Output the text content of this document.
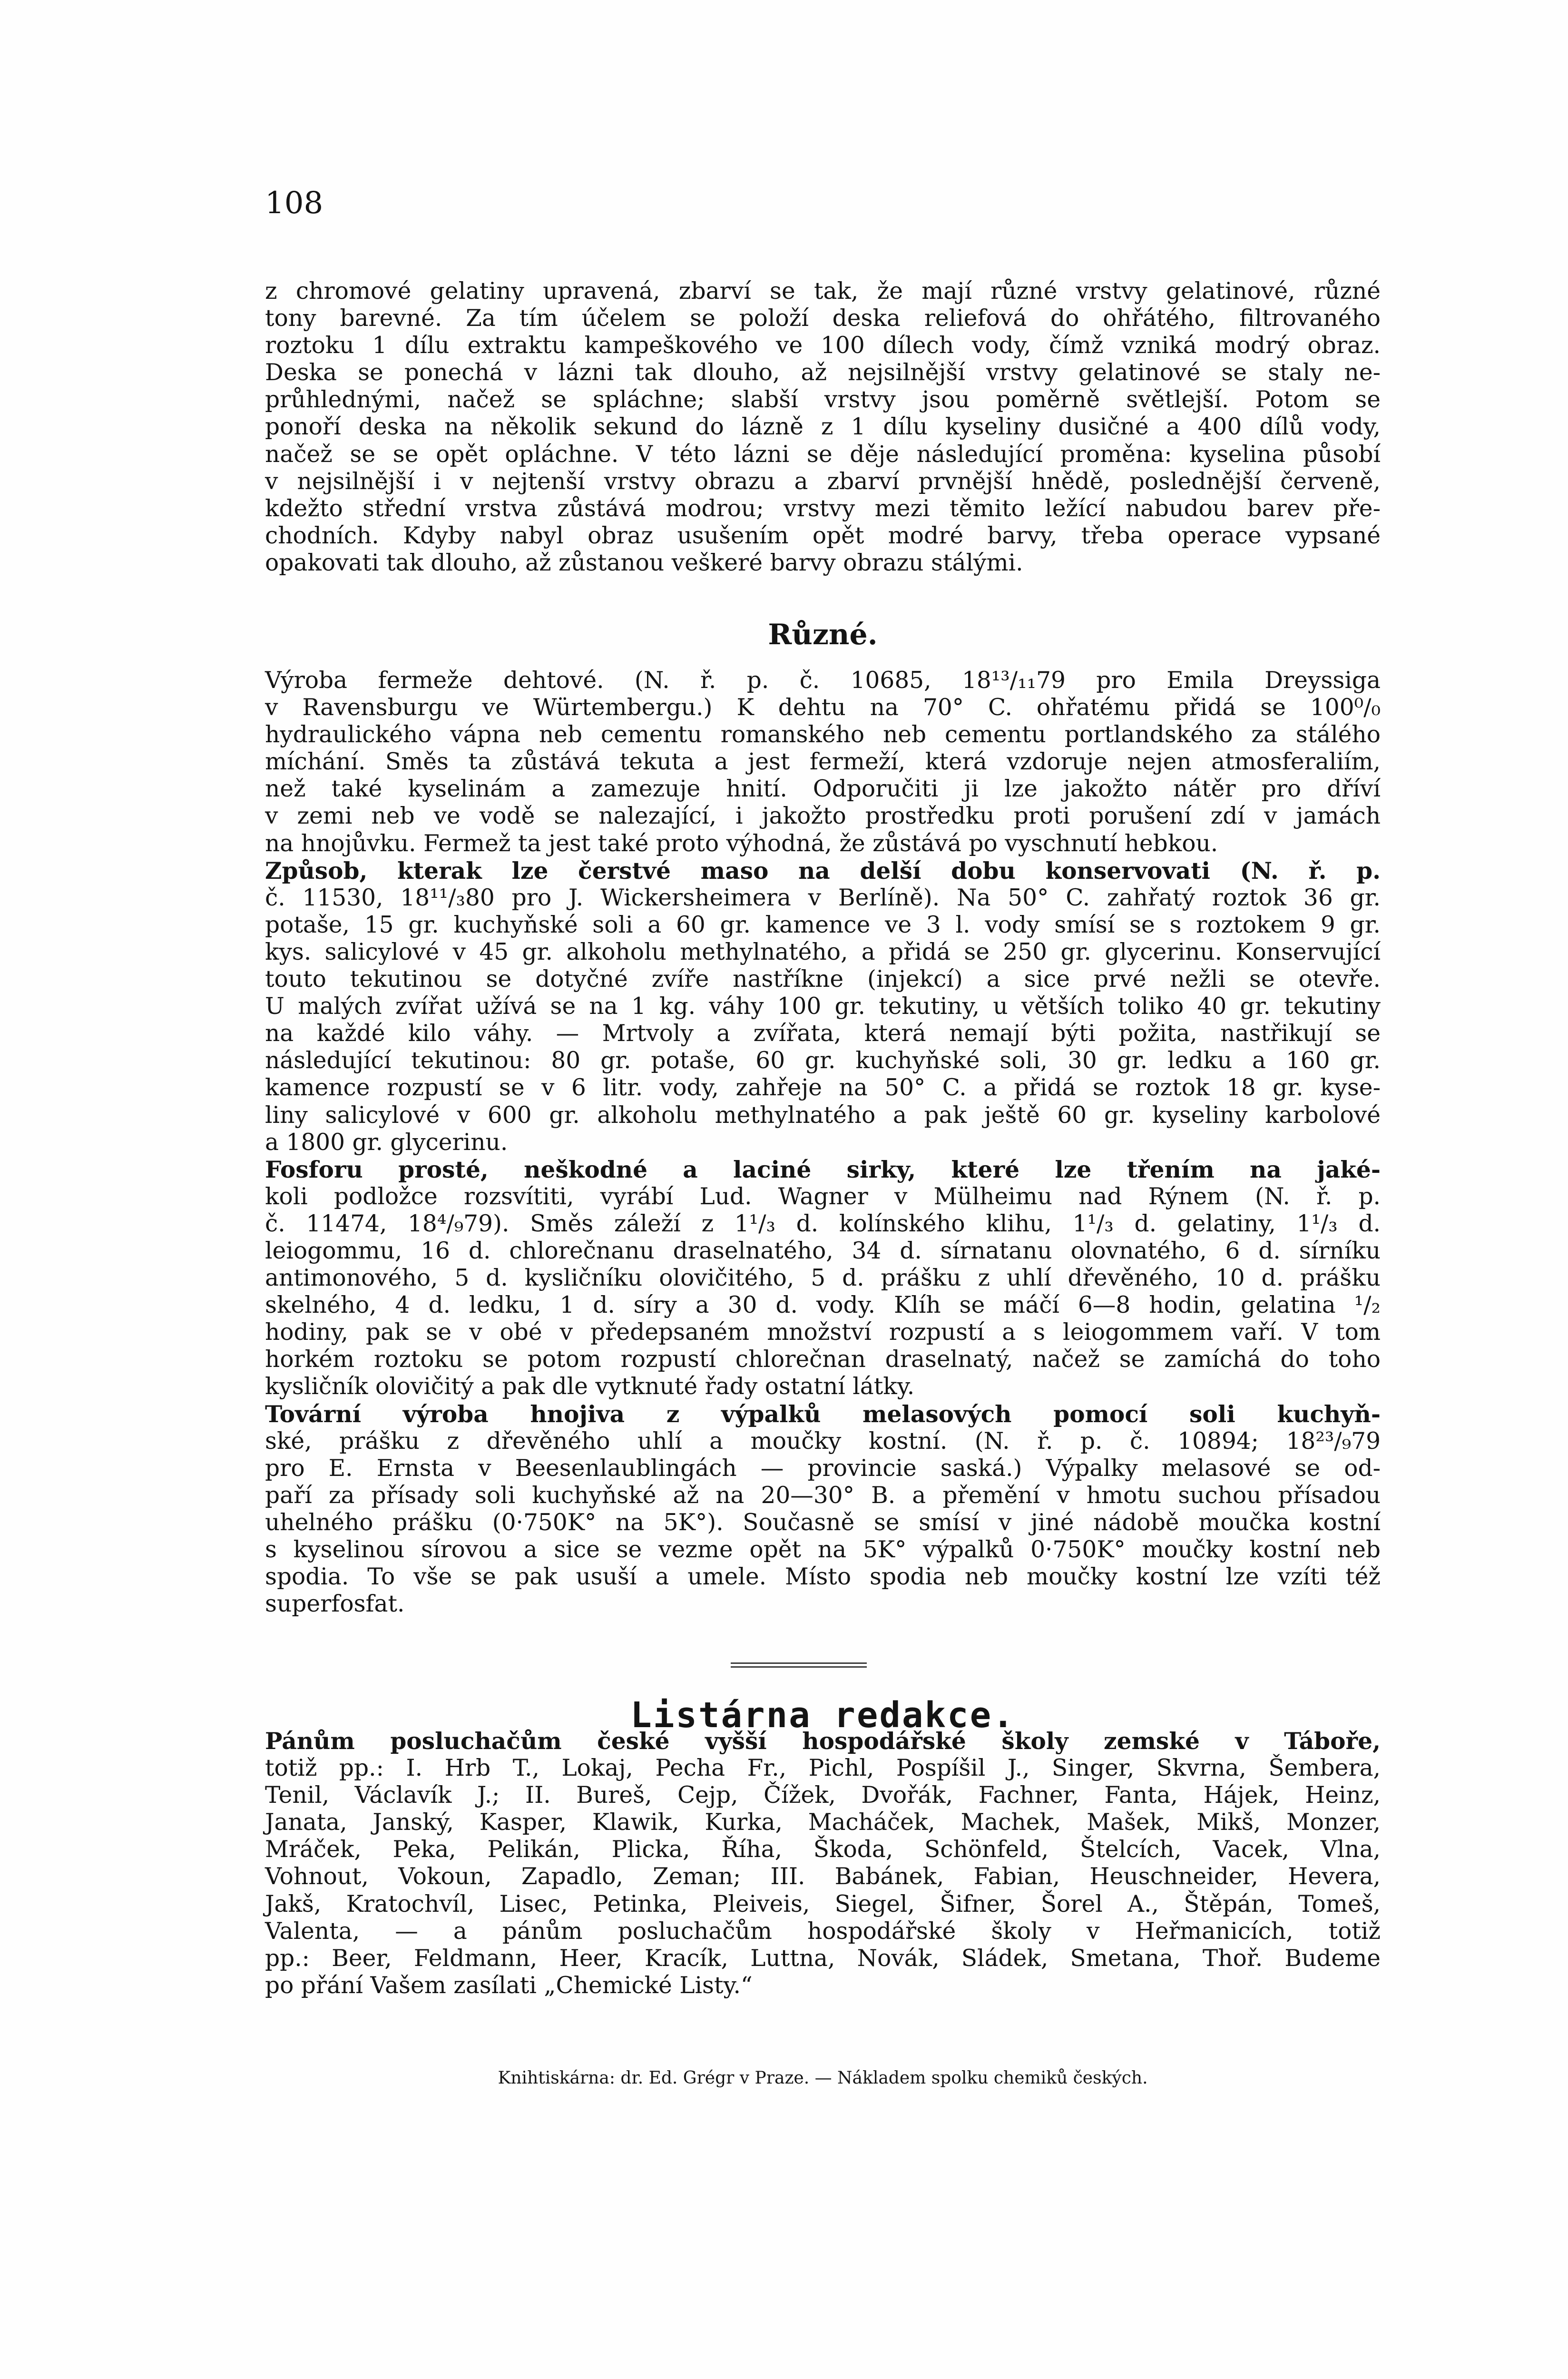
108

z chromové gelatiny upravená, zbarví se tak, že mají různé vrstvy gelatinové, různé

tony barevné. Za tím účelem se položí deska reliefová do ohřátého, filtrovaného

roztoku 1 dílu extraktu kampeškového ve 100 dílech vody, čímž vzniká modrý obraz.

Deska se ponechá v lázni tak dlouho, až nejsilnější vrstvy gelatinové se staly ne-

průhlednými, načež se spláchne; slabší vrstvy jsou poměrně světlejší. Potom se

ponoří deska na několik sekund do lázně z 1 dílu kyseliny dusičné a 400 dílů vody,

načež se se opět opláchne. V této lázni se děje následující proměna: kyselina působí

v nejsilnější i v nejtenší vrstvy obrazu a zbarví prvnější hnědě, poslednější červeně,

kdežto střední vrstva zůstává modrou; vrstvy mezi těmito ležící nabudou barev pře-

chodních. Kdyby nabyl obraz usušením opět modré barvy, třeba operace vypsané

opakovati tak dlouho, až zůstanou veškeré barvy obrazu stálými.

Různé.

Výroba fermeže dehtové. (N. ř. p. č. 10685, 18¹³/₁₁79 pro Emila Dreyssiga

v Ravensburgu ve Würtembergu.) K dehtu na 70° C. ohřatému přidá se 100⁰/₀

hydraulického vápna neb cementu romanského neb cementu portlandského za stálého

míchání. Směs ta zůstává tekuta a jest fermeží, která vzdoruje nejen atmosferaliím,

než také kyselinám a zamezuje hnití. Odporučiti ji lze jakožto nátěr pro dříví

v zemi neb ve vodě se nalezající, i jakožto prostředku proti porušení zdí v jamách

na hnojůvku. Fermež ta jest také proto výhodná, že zůstává po vyschnutí hebkou.

Způsob, kterak lze čerstvé maso na delší dobu konservovati (N. ř. p.

č. 11530, 18¹¹/₃80 pro J. Wickersheimera v Berlíně). Na 50° C. zahřatý roztok 36 gr.

potaše, 15 gr. kuchyňské soli a 60 gr. kamence ve 3 l. vody smísí se s roztokem 9 gr.

kys. salicylové v 45 gr. alkoholu methylnatého, a přidá se 250 gr. glycerinu. Konservující

touto tekutinou se dotyčné zvíře nastříkne (injekcí) a sice prvé nežli se otevře.

U malých zvířat užívá se na 1 kg. váhy 100 gr. tekutiny, u větších toliko 40 gr. tekutiny

na každé kilo váhy. — Mrtvoly a zvířata, která nemají býti požita, nastřikují se

následující tekutinou: 80 gr. potaše, 60 gr. kuchyňské soli, 30 gr. ledku a 160 gr.

kamence rozpustí se v 6 litr. vody, zahřeje na 50° C. a přidá se roztok 18 gr. kyse-

liny salicylové v 600 gr. alkoholu methylnatého a pak ještě 60 gr. kyseliny karbolové

a 1800 gr. glycerinu.

Fosforu prosté, neškodné a laciné sirky, které lze třením na jaké-

koli podložce rozsvítiti, vyrábí Lud. Wagner v Mülheimu nad Rýnem (N. ř. p.

č. 11474, 18⁴/₉79). Směs záleží z 1¹/₃ d. kolínského klihu, 1¹/₃ d. gelatiny, 1¹/₃ d.

leiogommu, 16 d. chlorečnanu draselnatého, 34 d. sírnatanu olovnatého, 6 d. sírníku

antimonového, 5 d. kysličníku olovičitého, 5 d. prášku z uhlí dřevěného, 10 d. prášku

skelného, 4 d. ledku, 1 d. síry a 30 d. vody. Klíh se máčí 6—8 hodin, gelatina ¹/₂

hodiny, pak se v obé v předepsaném množství rozpustí a s leiogommem vaří. V tom

horkém roztoku se potom rozpustí chlorečnan draselnatý, načež se zamíchá do toho

kysličník olovičitý a pak dle vytknuté řady ostatní látky.

Tovární výroba hnojiva z výpalků melasových pomocí soli kuchyň-

ské, prášku z dřevěného uhlí a moučky kostní. (N. ř. p. č. 10894; 18²³/₉79

pro E. Ernsta v Beesenlaublingách — provincie saská.) Výpalky melasové se od-

paří za přísady soli kuchyňské až na 20—30° B. a přemění v hmotu suchou přísadou

uhelného prášku (0·750K° na 5K°). Současně se smísí v jiné nádobě moučka kostní

s kyselinou sírovou a sice se vezme opět na 5K° výpalků 0·750K° moučky kostní neb

spodia. To vše se pak usuší a umele. Místo spodia neb moučky kostní lze vzíti též

superfosfat.

Listárna redakce.

Pánům posluchačům české vyšší hospodářské školy zemské v Táboře,

totiž pp.: I. Hrb T., Lokaj, Pecha Fr., Pichl, Pospíšil J., Singer, Skvrna, Šembera,

Tenil, Václavík J.; II. Bureš, Cejp, Čížek, Dvořák, Fachner, Fanta, Hájek, Heinz,

Janata, Janský, Kasper, Klawik, Kurka, Macháček, Machek, Mašek, Mikš, Monzer,

Mráček, Peka, Pelikán, Plicka, Říha, Škoda, Schönfeld, Štelcích, Vacek, Vlna,

Vohnout, Vokoun, Zapadlo, Zeman; III. Babánek, Fabian, Heuschneider, Hevera,

Jakš, Kratochvíl, Lisec, Petinka, Pleiveis, Siegel, Šifner, Šorel A., Štěpán, Tomeš,

Valenta, — a pánům posluchačům hospodářské školy v Heřmanicích, totiž

pp.: Beer, Feldmann, Heer, Kracík, Luttna, Novák, Sládek, Smetana, Thoř. Budeme

po přání Vašem zasílati „Chemické Listy.“

Knihtiskárna: dr. Ed. Grégr v Praze. — Nákladem spolku chemiků českých.
